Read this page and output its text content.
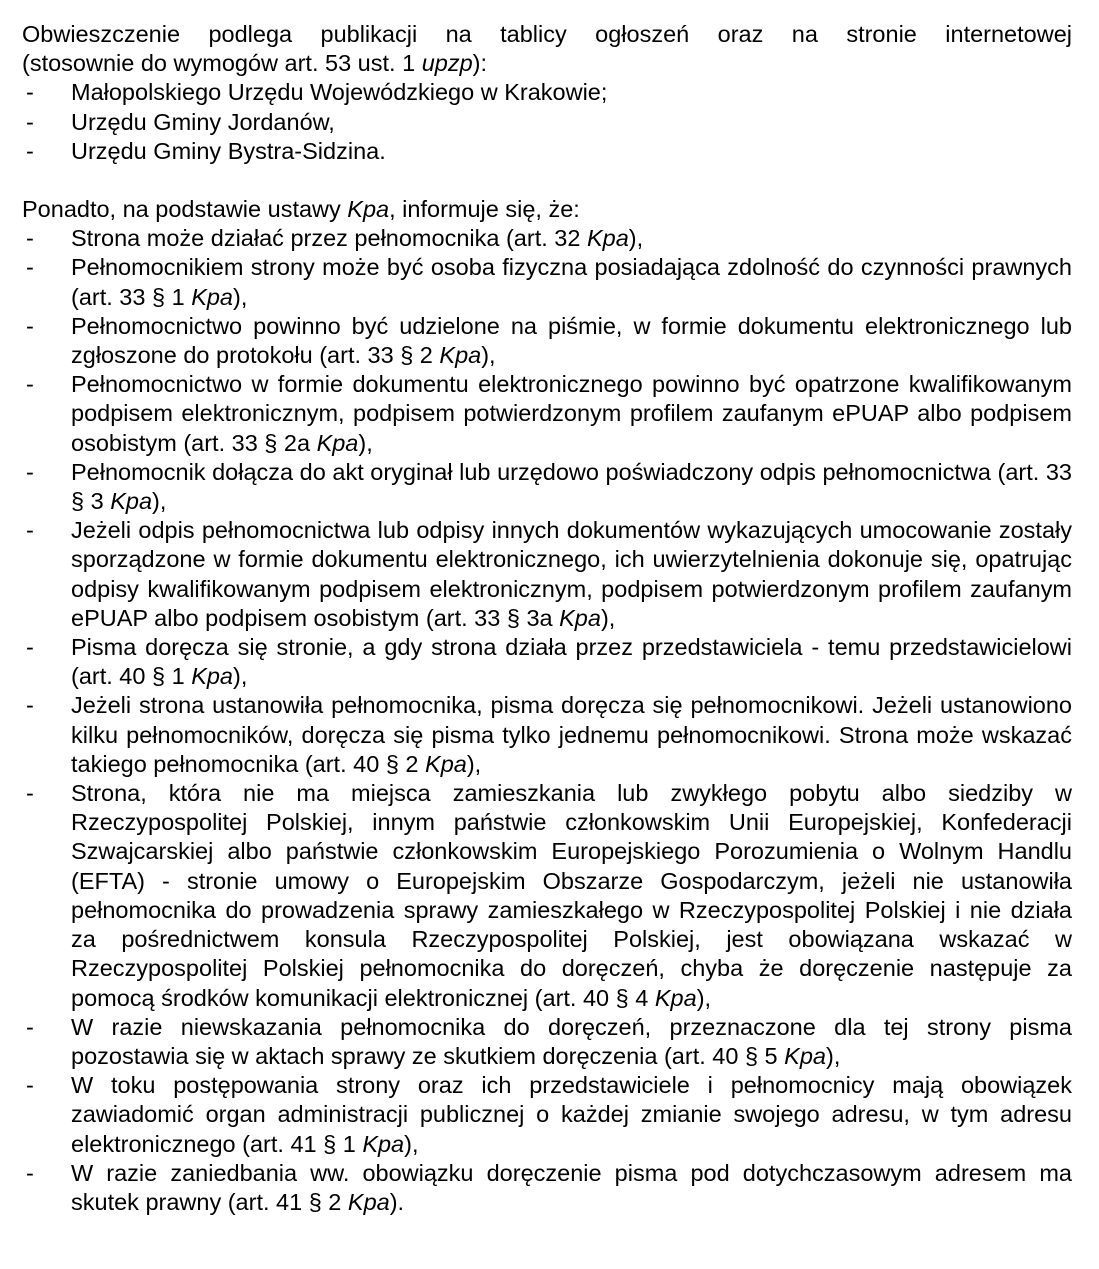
Obwieszczenie podlega publikacji na tablicy ogłoszeń oraz na stronie internetowej
(stosownie do wymogów art. 53 ust. 1 upzp):
- Małopolskiego Urzędu Wojewódzkiego w Krakowie;
- Urzędu Gminy Jordanów,
- Urzędu Gminy Bystra-Sidzina.

Ponadto, na podstawie ustawy Kpa, informuje się, że:

- Strona może działać przez pełnomocnika (art. 32 Kpa),
- Pełnomocnikiem strony może być osoba fizyczna posiadająca zdolność do czynności prawnych (art. 33 § 1 Kpa),
- Pełnomocnictwo powinno być udzielone na piśmie, w formie dokumentu elektronicznego lub zgłoszone do protokołu (art. 33 § 2 Kpa),
- Pełnomocnictwo w formie dokumentu elektronicznego powinno być opatrzone kwalifikowanym podpisem elektronicznym, podpisem potwierdzonym profilem zaufanym ePUAP albo podpisem osobistym (art. 33 § 2a Kpa),
- Pełnomocnik dołącza do akt oryginał lub urzędowo poświadczony odpis pełnomocnictwa (art. 33 § 3 Kpa),
- Jeżeli odpis pełnomocnictwa lub odpisy innych dokumentów wykazujących umocowanie zostały sporządzone w formie dokumentu elektronicznego, ich uwierzytelnienia dokonuje się, opatrując odpisy kwalifikowanym podpisem elektronicznym, podpisem potwierdzonym profilem zaufanym ePUAP albo podpisem osobistym (art. 33 § 3a Kpa),
- Pisma doręcza się stronie, a gdy strona działa przez przedstawiciela - temu przedstawicielowi (art. 40 § 1 Kpa),
- Jeżeli strona ustanowiła pełnomocnika, pisma doręcza się pełnomocnikowi. Jeżeli ustanowiono kilku pełnomocników, doręcza się pisma tylko jednemu pełnomocnikowi. Strona może wskazać takiego pełnomocnika (art. 40 § 2 Kpa),
- Strona, która nie ma miejsca zamieszkania lub zwykłego pobytu albo siedziby w Rzeczypospolitej Polskiej, innym państwie członkowskim Unii Europejskiej, Konfederacji Szwajcarskiej albo państwie członkowskim Europejskiego Porozumienia o Wolnym Handlu (EFTA) - stronie umowy o Europejskim Obszarze Gospodarczym, jeżeli nie ustanowiła pełnomocnika do prowadzenia sprawy zamieszkałego w Rzeczypospolitej Polskiej i nie działa za pośrednictwem konsula Rzeczypospolitej Polskiej, jest obowiązana wskazać w Rzeczypospolitej Polskiej pełnomocnika do doręczeń, chyba że doręczenie następuje za pomocą środków komunikacji elektronicznej (art. 40 § 4 Kpa),
- W razie niewskazania pełnomocnika do doręczeń, przeznaczone dla tej strony pisma pozostawia się w aktach sprawy ze skutkiem doręczenia (art. 40 § 5 Kpa),
- W toku postępowania strony oraz ich przedstawiciele i pełnomocnicy mają obowiązek zawiadomić organ administracji publicznej o każdej zmianie swojego adresu, w tym adresu elektronicznego (art. 41 § 1 Kpa),
- W razie zaniedbania ww. obowiązku doręczenie pisma pod dotychczasowym adresem ma skutek prawny (art. 41 § 2 Kpa).
